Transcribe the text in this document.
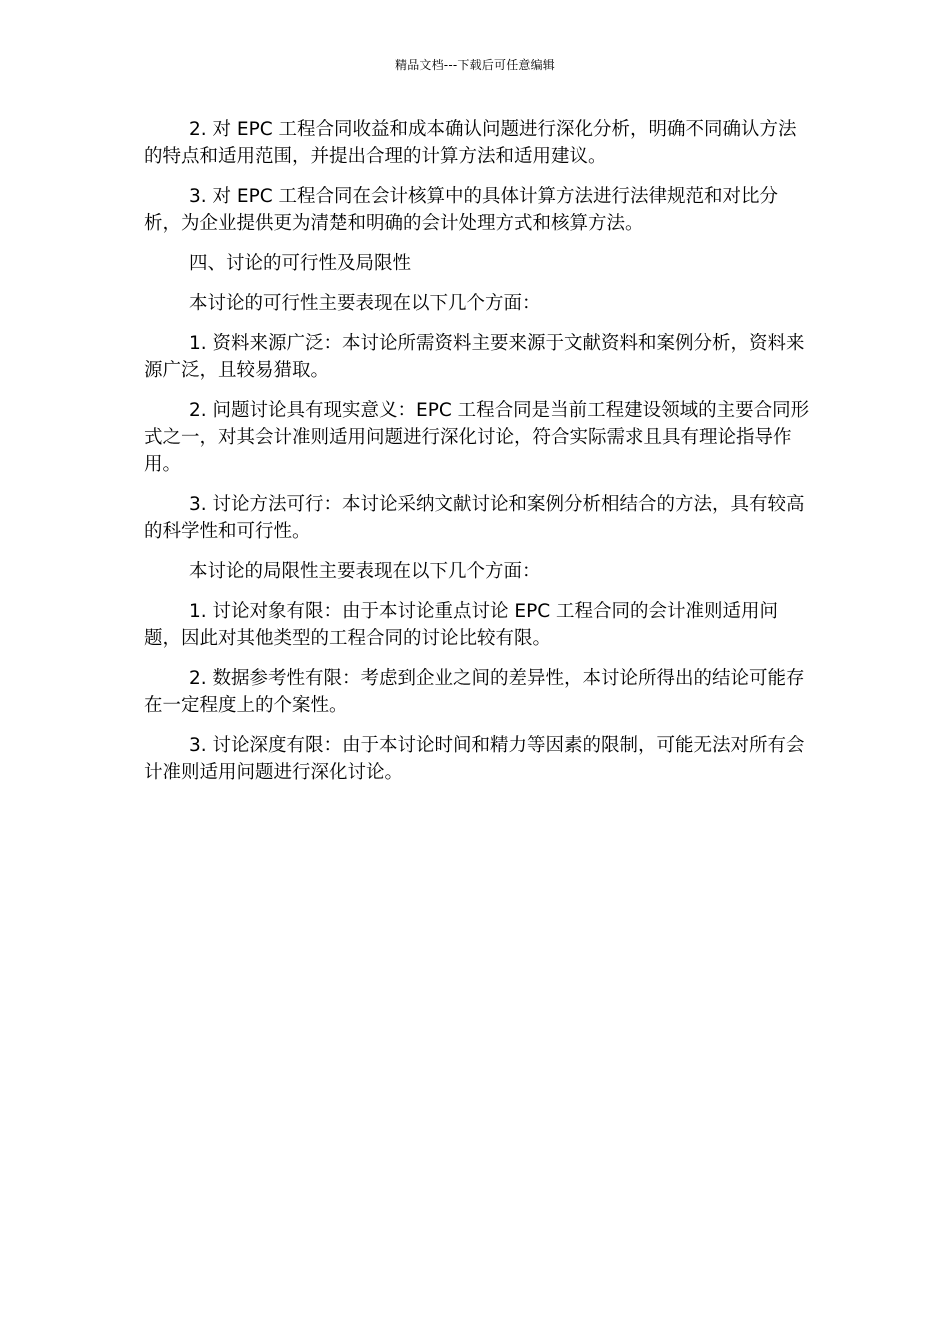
精品文档---下载后可任意编辑

2. 对 EPC 工程合同收益和成本确认问题进行深化分析，明确不同确认方法的特点和适用范围，并提出合理的计算方法和适用建议。

3. 对 EPC 工程合同在会计核算中的具体计算方法进行法律规范和对比分析，为企业提供更为清楚和明确的会计处理方式和核算方法。

四、讨论的可行性及局限性

本讨论的可行性主要表现在以下几个方面：

1. 资料来源广泛：本讨论所需资料主要来源于文献资料和案例分析，资料来源广泛，且较易猎取。

2. 问题讨论具有现实意义：EPC 工程合同是当前工程建设领域的主要合同形式之一，对其会计准则适用问题进行深化讨论，符合实际需求且具有理论指导作用。

3. 讨论方法可行：本讨论采纳文献讨论和案例分析相结合的方法，具有较高的科学性和可行性。

本讨论的局限性主要表现在以下几个方面：

1. 讨论对象有限：由于本讨论重点讨论 EPC 工程合同的会计准则适用问题，因此对其他类型的工程合同的讨论比较有限。

2. 数据参考性有限：考虑到企业之间的差异性，本讨论所得出的结论可能存在一定程度上的个案性。

3. 讨论深度有限：由于本讨论时间和精力等因素的限制，可能无法对所有会计准则适用问题进行深化讨论。
